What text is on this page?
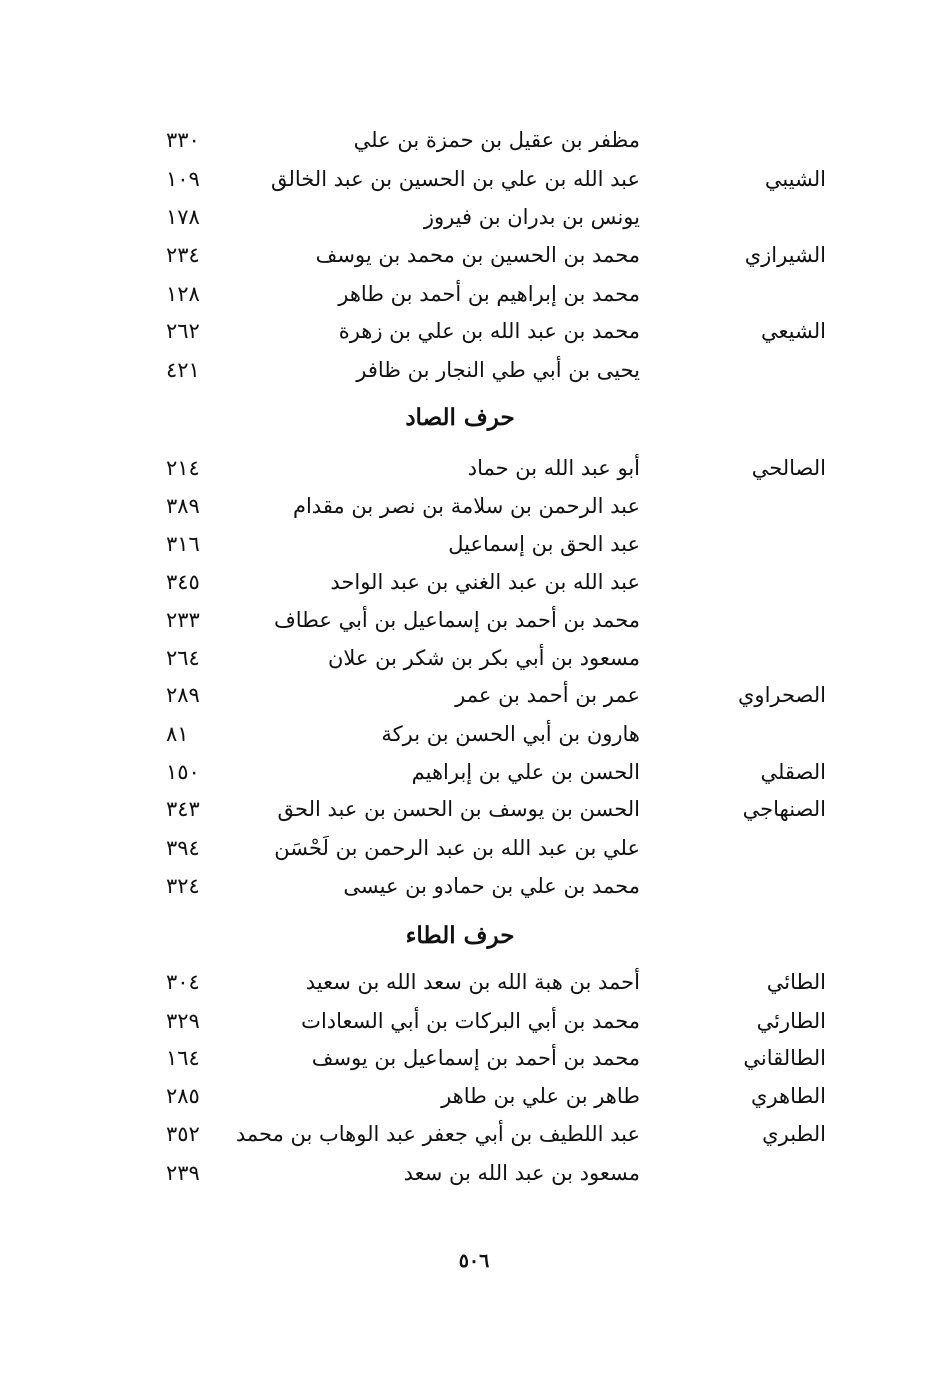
مظفر بن عقيل بن حمزة بن علي
٣٣٠
الشيبي
عبد الله بن علي بن الحسين بن عبد الخالق
١٠٩
يونس بن بدران بن فيروز
١٧٨
الشيرازي
محمد بن الحسين بن محمد بن يوسف
٢٣٤
محمد بن إبراهيم بن أحمد بن طاهر
١٢٨
الشيعي
محمد بن عبد الله بن علي بن زهرة
٢٦٢
يحيى بن أبي طي النجار بن ظافر
٤٢١
حرف الصاد
الصالحي
أبو عبد الله بن حماد
٢١٤
عبد الرحمن بن سلامة بن نصر بن مقدام
٣٨٩
عبد الحق بن إسماعيل
٣١٦
عبد الله بن عبد الغني بن عبد الواحد
٣٤٥
محمد بن أحمد بن إسماعيل بن أبي عطاف
٢٣٣
مسعود بن أبي بكر بن شكر بن علان
٢٦٤
الصحراوي
عمر بن أحمد بن عمر
٢٨٩
هارون بن أبي الحسن بن بركة
٨١
الصقلي
الحسن بن علي بن إبراهيم
١٥٠
الصنهاجي
الحسن بن يوسف بن الحسن بن عبد الحق
٣٤٣
علي بن عبد الله بن عبد الرحمن بن لَحْسَن
٣٩٤
محمد بن علي بن حمادو بن عيسى
٣٢٤
حرف الطاء
الطائي
أحمد بن هبة الله بن سعد الله بن سعيد
٣٠٤
الطارئي
محمد بن أبي البركات بن أبي السعادات
٣٢٩
الطالقاني
محمد بن أحمد بن إسماعيل بن يوسف
١٦٤
الطاهري
طاهر بن علي بن طاهر
٢٨٥
الطبري
عبد اللطيف بن أبي جعفر عبد الوهاب بن محمد
٣٥٢
مسعود بن عبد الله بن سعد
٢٣٩
٥٠٦
